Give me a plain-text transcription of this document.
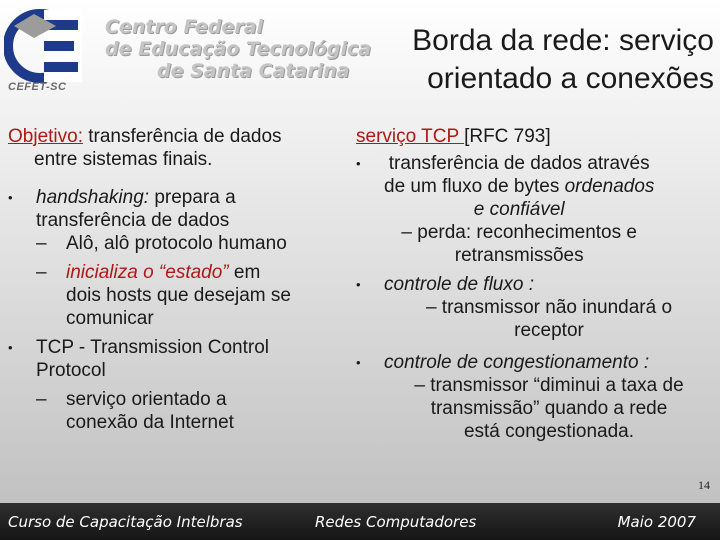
CEFET-SC
Centro Federal
de Educação Tecnológica
de Santa Catarina
Borda da rede: serviço
orientado a conexões

Objetivo: transferência de dados

entre sistemas finais.

•	handshaking: prepara a
transferência de dados
–	Alô, alô protocolo humano
–	inicializa o “estado” em
dois hosts que desejam se
comunicar
•	TCP - Transmission Control
Protocol
–	serviço orientado a
conexão da Internet

serviço TCP [RFC 793]

•	transferência de dados através
de um fluxo de bytes ordenados
e confiável
– perda: reconhecimentos e
retransmissões
•	controle de fluxo :
– transmissor não inundará o
receptor
•	controle de congestionamento :
– transmissor “diminui a taxa de
transmissão” quando a rede
está congestionada.
14
Curso de Capacitação Intelbras	Redes Computadores	Maio 2007
